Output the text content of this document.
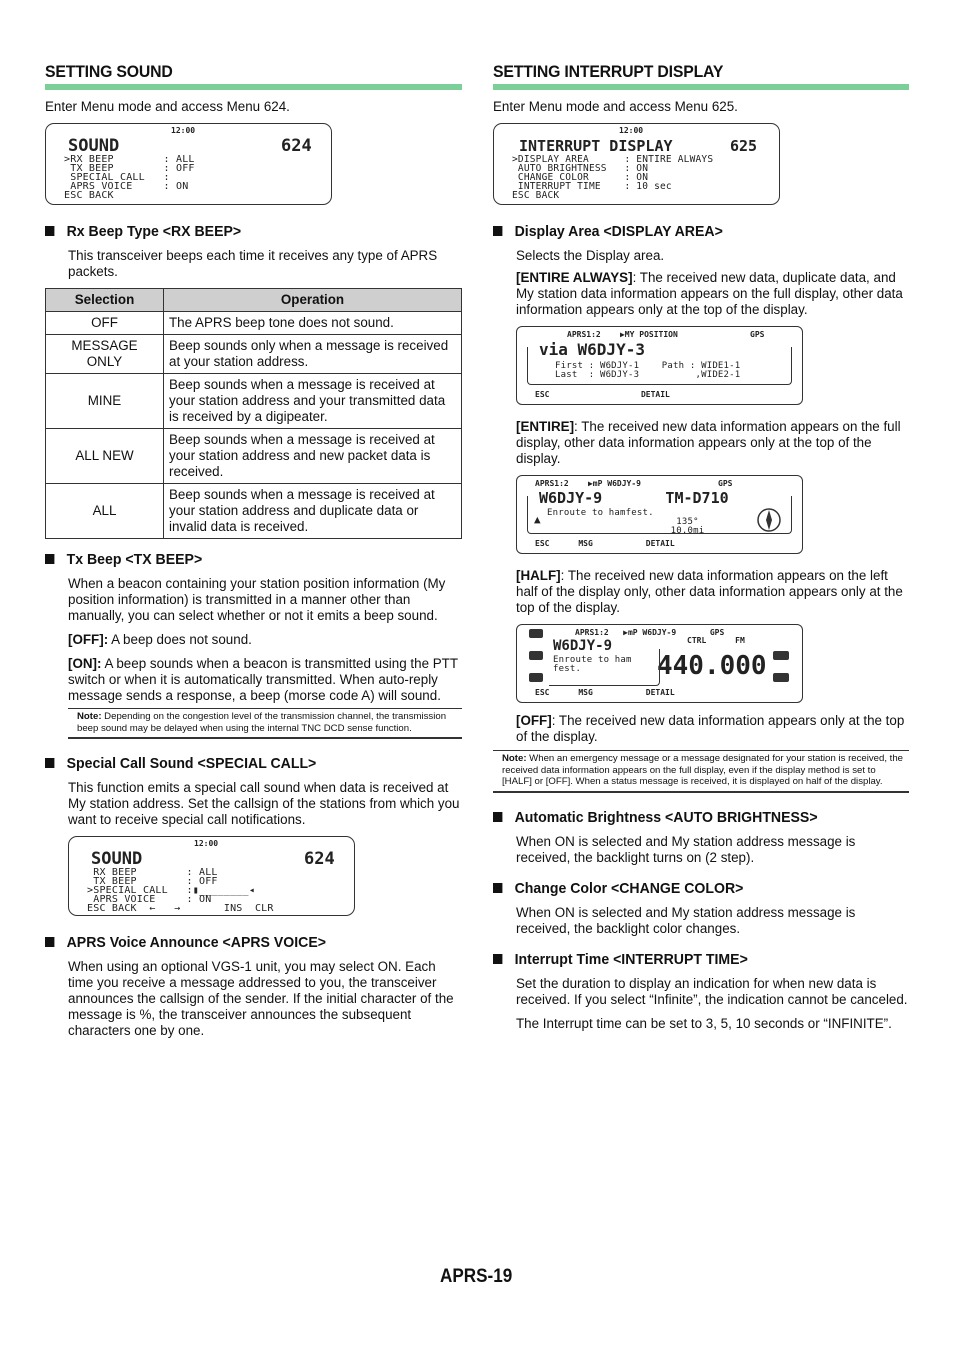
SETTING SOUND

Enter Menu mode and access Menu 624.

12:00
SOUND	624
>RX BEEP        : ALL
TX BEEP        : OFF
SPECIAL CALL   :
APRS VOICE     : ON
ESC BACK
Rx Beep Type <RX BEEP>

This transceiver beeps each time it receives any type of APRS packets.

Selection	Operation
OFF	The APRS beep tone does not sound.
MESSAGE ONLY	Beep sounds only when a message is received at your station address.
MINE	Beep sounds when a message is received at your station address and your transmitted data is received by a digipeater.
ALL NEW	Beep sounds when a message is received at your station address and new packet data is received.
ALL	Beep sounds when a message is received at your station address and duplicate data or invalid data is received.
Tx Beep <TX BEEP>

When a beacon containing your station position information (My position information) is transmitted in a manner other than manually, you can select whether or not it emits a beep sound.

[OFF]: A beep does not sound.

[ON]: A beep sounds when a beacon is transmitted using the PTT switch or when it is automatically transmitted. When auto-reply message sends a response, a beep (morse code A) will sound.

Note: Depending on the congestion level of the transmission channel, the transmission beep sound may be delayed when using the internal TNC DCD sense function.
Special Call Sound <SPECIAL CALL>

This function emits a special call sound when data is received at My station address. Set the callsign of the stations from which you want to receive special call notifications.

12:00
SOUND	624
RX BEEP        : ALL
TX BEEP        : OFF
>SPECIAL CALL   :▮________◂
APRS VOICE     : ON
ESC BACK  ←   →       INS  CLR
APRS Voice Announce <APRS VOICE>

When using an optional VGS-1 unit, you may select ON. Each time you receive a message addressed to you, the transceiver announces the callsign of the sender. If the initial character of the message is %, the transceiver announces the subsequent characters one by one.

SETTING INTERRUPT DISPLAY

Enter Menu mode and access Menu 625.

12:00
INTERRUPT DISPLAY	625
>DISPLAY AREA      : ENTIRE ALWAYS
AUTO BRIGHTNESS   : ON
CHANGE COLOR      : ON
INTERRUPT TIME    : 10 sec
ESC BACK
Display Area <DISPLAY AREA>

Selects the Display area.

[ENTIRE ALWAYS]: The received new data, duplicate data, and My station data information appears on the full display, other data information appears only at the top of the display.

APRS1:2    ▶MY POSITION               GPS
via W6DJY-3
First : W6DJY-1    Path : WIDE1-1
Last  : W6DJY-3          ,WIDE2-1
ESC                   DETAIL

[ENTIRE]: The received new data information appears on the full display, other data information appears only at the top of the display.

APRS1:2    ▶mP W6DJY-9                GPS
W6DJY-9       TM-D710
Enroute to hamfest.
135°
10.0mi
ESC      MSG           DETAIL
▲

[HALF]: The received new data information appears on the left half of the display only, other data information appears only at the top of the display.

APRS1:2   ▶mP W6DJY-9       GPS
W6DJY-9
Enroute to ham
fest.
CTRL      FM
440.000
ESC      MSG           DETAIL

[OFF]: The received new data information appears only at the top of the display.

Note: When an emergency message or a message designated for your station is received, the received data information appears on the full display, even if the display method is set to [HALF] or [OFF]. When a status message is received, it is displayed on half of the display.
Automatic Brightness <AUTO BRIGHTNESS>

When ON is selected and My station address message is received, the backlight turns on (2 step).

Change Color <CHANGE COLOR>

When ON is selected and My station address message is received, the backlight color changes.

Interrupt Time <INTERRUPT TIME>

Set the duration to display an indication for when new data is received. If you select “Infinite”, the indication cannot be canceled.

The Interrupt time can be set to 3, 5, 10 seconds or “INFINITE”.

APRS-19
